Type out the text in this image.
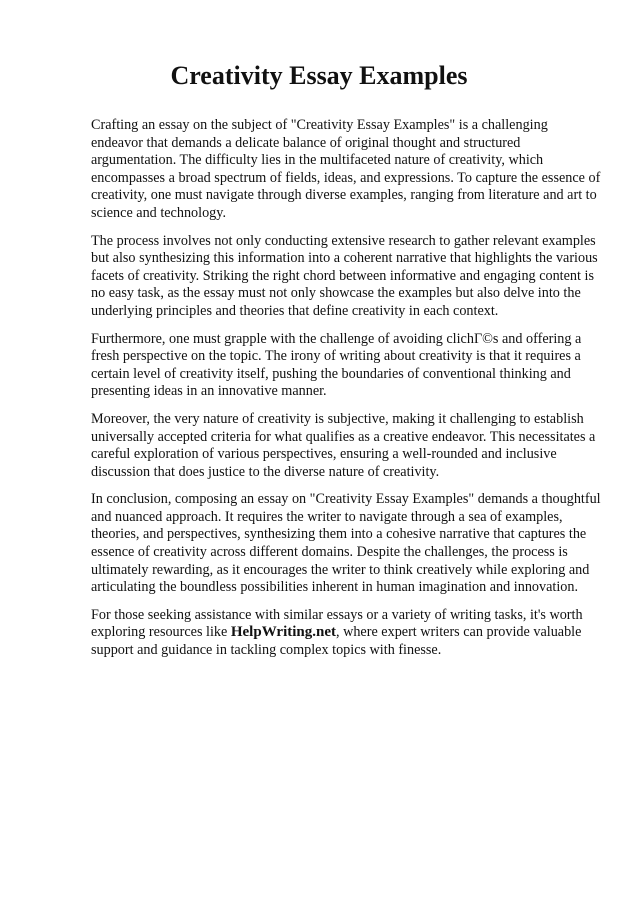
Creativity Essay Examples

Crafting an essay on the subject of "Creativity Essay Examples" is a challenging endeavor that demands a delicate balance of original thought and structured argumentation. The difficulty lies in the multifaceted nature of creativity, which encompasses a broad spectrum of fields, ideas, and expressions. To capture the essence of creativity, one must navigate through diverse examples, ranging from literature and art to science and technology.

The process involves not only conducting extensive research to gather relevant examples but also synthesizing this information into a coherent narrative that highlights the various facets of creativity. Striking the right chord between informative and engaging content is no easy task, as the essay must not only showcase the examples but also delve into the underlying principles and theories that define creativity in each context.

Furthermore, one must grapple with the challenge of avoiding clichГ©s and offering a fresh perspective on the topic. The irony of writing about creativity is that it requires a certain level of creativity itself, pushing the boundaries of conventional thinking and presenting ideas in an innovative manner.

Moreover, the very nature of creativity is subjective, making it challenging to establish universally accepted criteria for what qualifies as a creative endeavor. This necessitates a careful exploration of various perspectives, ensuring a well-rounded and inclusive discussion that does justice to the diverse nature of creativity.

In conclusion, composing an essay on "Creativity Essay Examples" demands a thoughtful and nuanced approach. It requires the writer to navigate through a sea of examples, theories, and perspectives, synthesizing them into a cohesive narrative that captures the essence of creativity across different domains. Despite the challenges, the process is ultimately rewarding, as it encourages the writer to think creatively while exploring and articulating the boundless possibilities inherent in human imagination and innovation.

For those seeking assistance with similar essays or a variety of writing tasks, it's worth exploring resources like HelpWriting.net, where expert writers can provide valuable support and guidance in tackling complex topics with finesse.
